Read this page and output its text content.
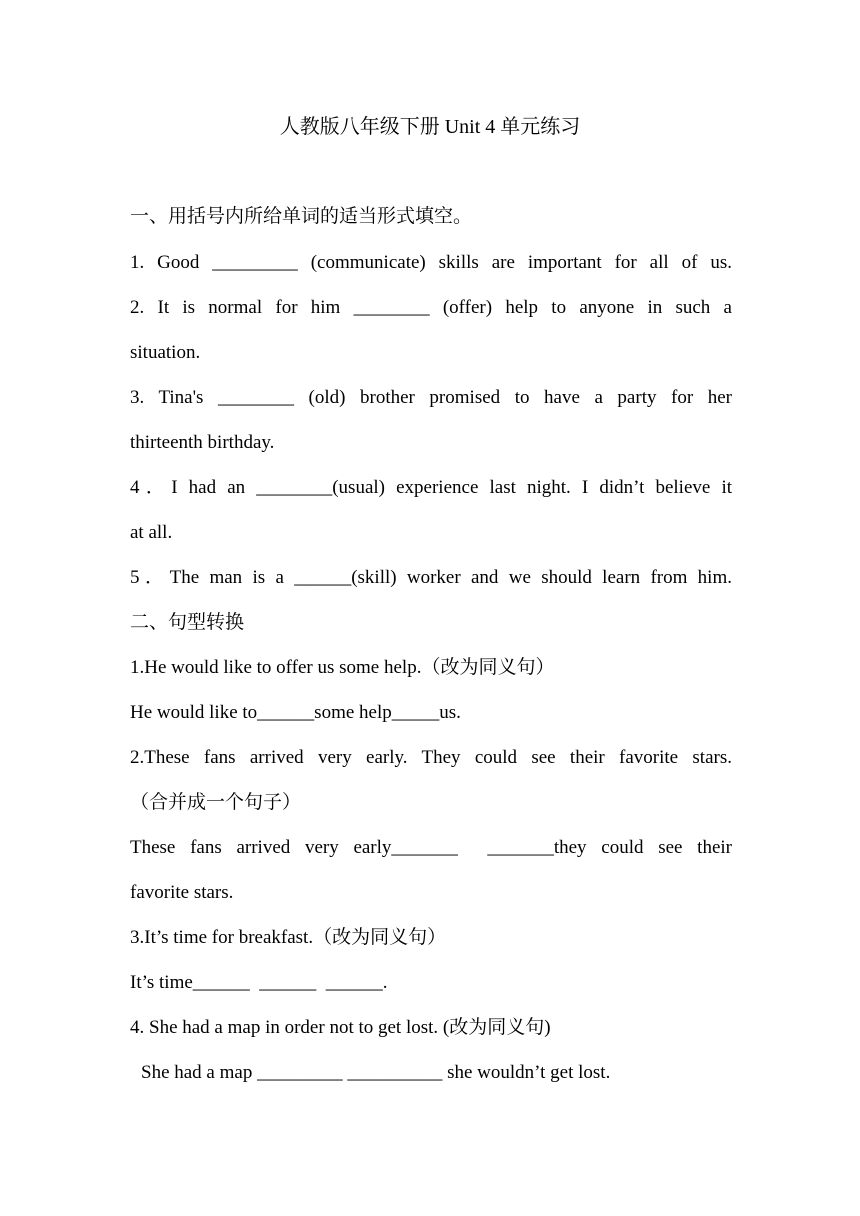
人教版八年级下册 Unit 4 单元练习
一、用括号内所给单词的适当形式填空。
1. Good _________ (communicate) skills are important for all of us.
2. It is normal for him ________ (offer) help to anyone in such a
situation.
3. Tina's ________ (old) brother promised to have a party for her
thirteenth birthday.
4．I had an ________(usual) experience last night. I didn’t believe it
at all.
5．The man is a ______(skill) worker and we should learn from him.
二、句型转换
1.He would like to offer us some help.（改为同义句）
He would like to______some help_____us.
2.These fans arrived very early. They could see their favorite stars.
（合并成一个句子）
These fans arrived very early_______  _______they could see their
favorite stars.
3.It’s time for breakfast.（改为同义句）
It’s time______  ______  ______.
4. She had a map in order not to get lost. (改为同义句)
She had a map _________ __________ she wouldn’t get lost.
